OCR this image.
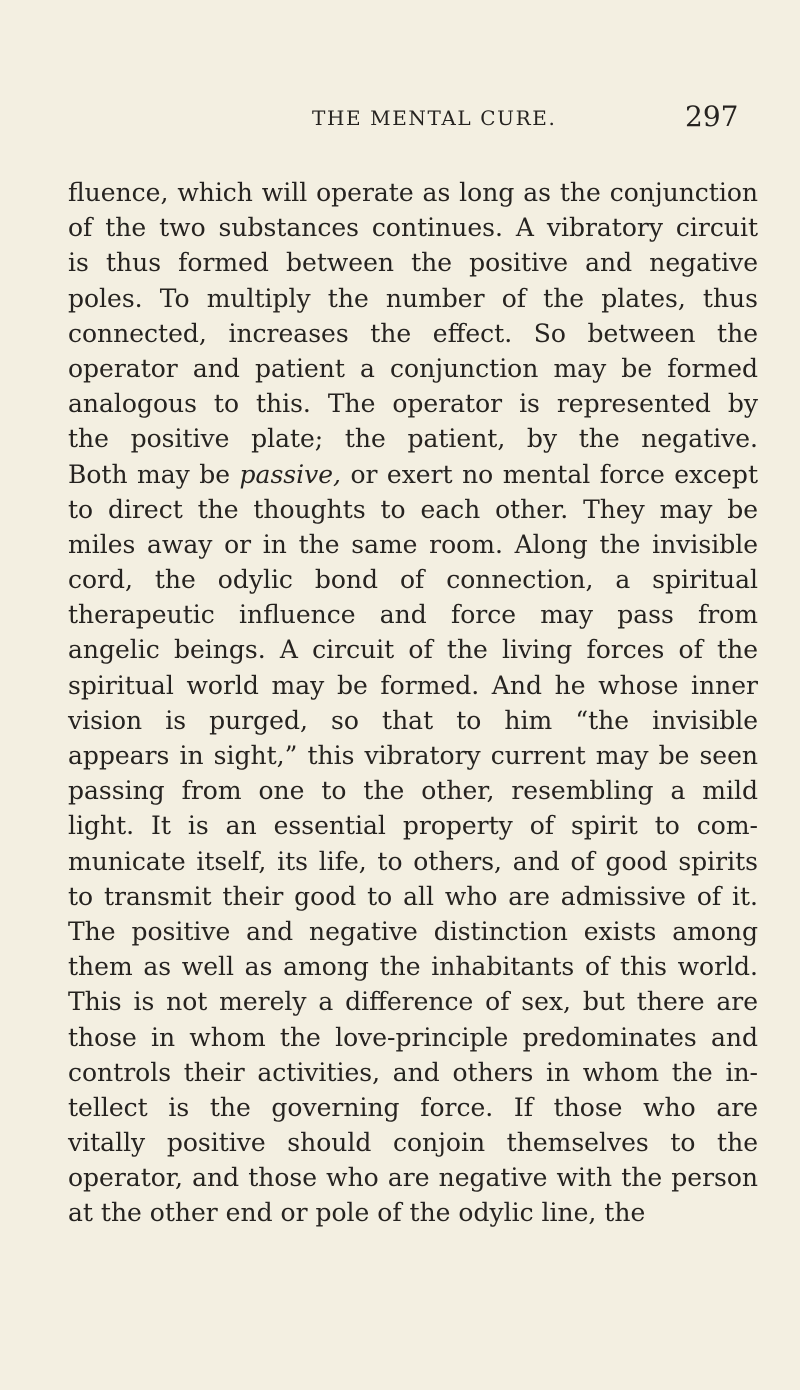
THE MENTAL CURE.	297
fluence, which will operate as long as the conjunction
of the two substances continues. A vibratory circuit
is thus formed between the positive and negative
poles. To multiply the number of the plates, thus
connected, increases the effect. So between the
operator and patient a conjunction may be formed
analogous to this. The operator is represented by
the positive plate; the patient, by the negative.
Both may be passive, or exert no mental force except
to direct the thoughts to each other. They may be
miles away or in the same room. Along the invisible
cord, the odylic bond of connection, a spiritual
therapeutic influence and force may pass from
angelic beings. A circuit of the living forces of the
spiritual world may be formed. And he whose inner
vision is purged, so that to him “the invisible
appears in sight,” this vibratory current may be seen
passing from one to the other, resembling a mild
light. It is an essential property of spirit to com-
municate itself, its life, to others, and of good spirits
to transmit their good to all who are admissive of it.
The positive and negative distinction exists among
them as well as among the inhabitants of this world.
This is not merely a difference of sex, but there are
those in whom the love-principle predominates and
controls their activities, and others in whom the in-
tellect is the governing force. If those who are
vitally positive should conjoin themselves to the
operator, and those who are negative with the person
at the other end or pole of the odylic line, the
